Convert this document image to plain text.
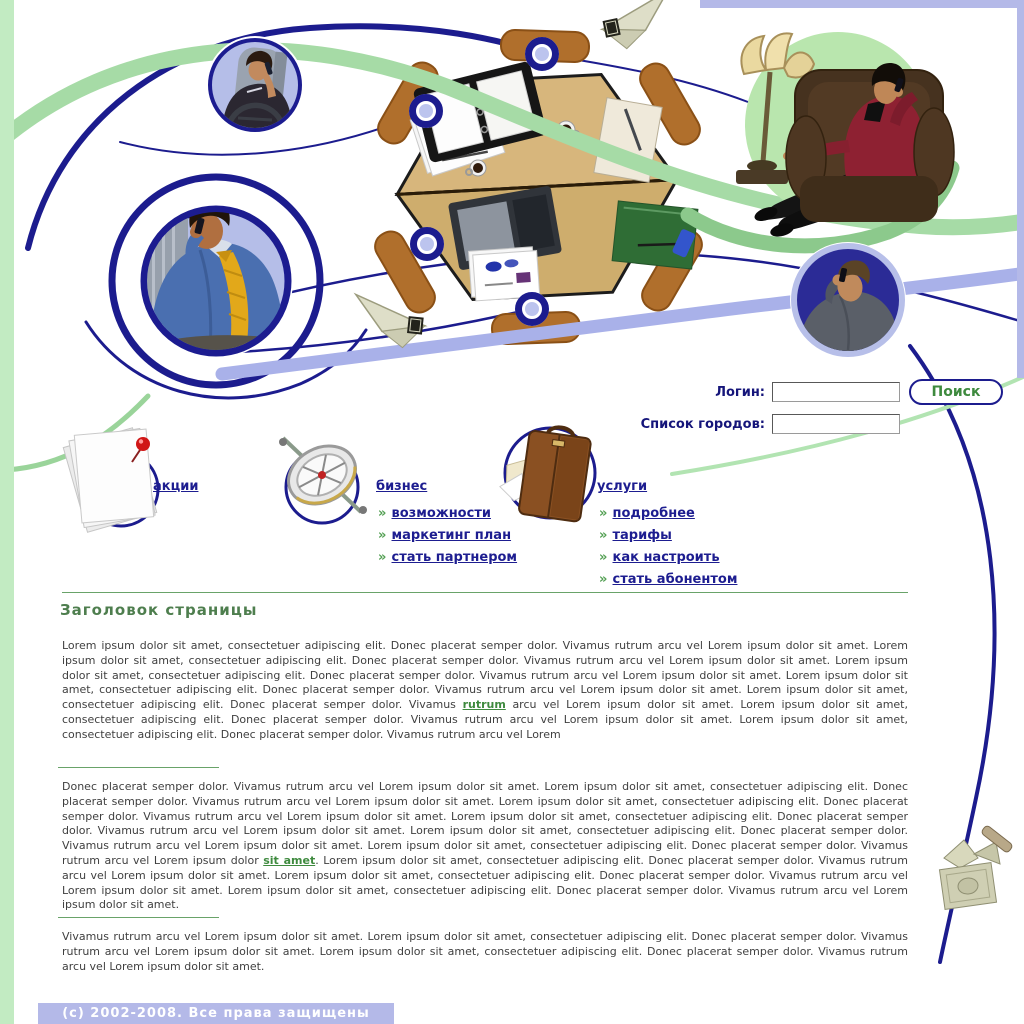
Логин:	Поиск
Список городов:
акции	бизнес
» возможности
» маркетинг план
» стать партнером
услуги
» подробнее
» тарифы
» как настроить
» стать абонентом
Заголовок страницы

Lorem ipsum dolor sit amet, consectetuer adipiscing elit. Donec placerat semper dolor. Vivamus rutrum arcu vel Lorem ipsum dolor sit amet. Lorem ipsum dolor sit amet, consectetuer adipiscing elit. Donec placerat semper dolor. Vivamus rutrum arcu vel Lorem ipsum dolor sit amet. Lorem ipsum dolor sit amet, consectetuer adipiscing elit. Donec placerat semper dolor. Vivamus rutrum arcu vel Lorem ipsum dolor sit amet. Lorem ipsum dolor sit amet, consectetuer adipiscing elit. Donec placerat semper dolor. Vivamus rutrum arcu vel Lorem ipsum dolor sit amet. Lorem ipsum dolor sit amet, consectetuer adipiscing elit. Donec placerat semper dolor. Vivamus rutrum arcu vel Lorem ipsum dolor sit amet. Lorem ipsum dolor sit amet, consectetuer adipiscing elit. Donec placerat semper dolor. Vivamus rutrum arcu vel Lorem ipsum dolor sit amet. Lorem ipsum dolor sit amet, consectetuer adipiscing elit. Donec placerat semper dolor. Vivamus rutrum arcu vel Lorem

Donec placerat semper dolor. Vivamus rutrum arcu vel Lorem ipsum dolor sit amet. Lorem ipsum dolor sit amet, consectetuer adipiscing elit. Donec placerat semper dolor. Vivamus rutrum arcu vel Lorem ipsum dolor sit amet. Lorem ipsum dolor sit amet, consectetuer adipiscing elit. Donec placerat semper dolor. Vivamus rutrum arcu vel Lorem ipsum dolor sit amet. Lorem ipsum dolor sit amet, consectetuer adipiscing elit. Donec placerat semper dolor. Vivamus rutrum arcu vel Lorem ipsum dolor sit amet. Lorem ipsum dolor sit amet, consectetuer adipiscing elit. Donec placerat semper dolor. Vivamus rutrum arcu vel Lorem ipsum dolor sit amet. Lorem ipsum dolor sit amet, consectetuer adipiscing elit. Donec placerat semper dolor. Vivamus rutrum arcu vel Lorem ipsum dolor sit amet. Lorem ipsum dolor sit amet, consectetuer adipiscing elit. Donec placerat semper dolor. Vivamus rutrum arcu vel Lorem ipsum dolor sit amet. Lorem ipsum dolor sit amet, consectetuer adipiscing elit. Donec placerat semper dolor. Vivamus rutrum arcu vel Lorem ipsum dolor sit amet. Lorem ipsum dolor sit amet, consectetuer adipiscing elit. Donec placerat semper dolor. Vivamus rutrum arcu vel Lorem ipsum dolor sit amet.

Vivamus rutrum arcu vel Lorem ipsum dolor sit amet. Lorem ipsum dolor sit amet, consectetuer adipiscing elit. Donec placerat semper dolor. Vivamus rutrum arcu vel Lorem ipsum dolor sit amet. Lorem ipsum dolor sit amet, consectetuer adipiscing elit. Donec placerat semper dolor. Vivamus rutrum arcu vel Lorem ipsum dolor sit amet.

(c) 2002-2008. Все права защищены
